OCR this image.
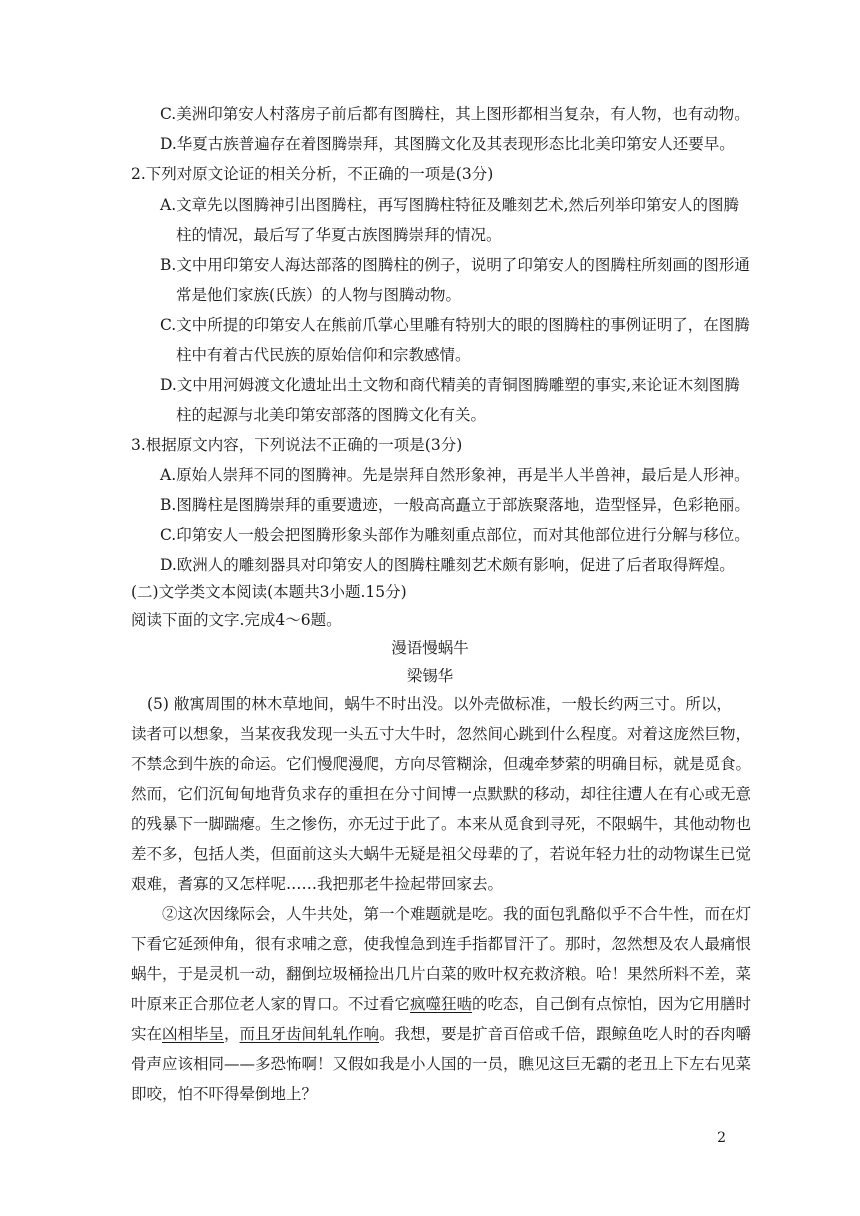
C.美洲印第安人村落房子前后都有图腾柱，其上图形都相当复杂，有人物，也有动物。
D.华夏古族普遍存在着图腾崇拜，其图腾文化及其表现形态比北美印第安人还要早。
2.下列对原文论证的相关分析，不正确的一项是(3分)
A.文章先以图腾神引出图腾柱，再写图腾柱特征及雕刻艺术,然后列举印第安人的图腾
柱的情况，最后写了华夏古族图腾崇拜的情况。
B.文中用印第安人海达部落的图腾柱的例子，说明了印第安人的图腾柱所刻画的图形通
常是他们家族(氏族）的人物与图腾动物。
C.文中所提的印第安人在熊前爪掌心里雕有特别大的眼的图腾柱的事例证明了，在图腾
柱中有着古代民族的原始信仰和宗教感情。
D.文中用河姆渡文化遗址出土文物和商代精美的青铜图腾雕塑的事实,来论证木刻图腾
柱的起源与北美印第安部落的图腾文化有关。
3.根据原文内容，下列说法不正确的一项是(3分)
A.原始人崇拜不同的图腾神。先是崇拜自然形象神，再是半人半兽神，最后是人形神。
B.图腾柱是图腾崇拜的重要遗迹，一般高高矗立于部族聚落地，造型怪异，色彩艳丽。
C.印第安人一般会把图腾形象头部作为雕刻重点部位，而对其他部位进行分解与移位。
D.欧洲人的雕刻器具对印第安人的图腾柱雕刻艺术颇有影响，促进了后者取得辉煌。
(二)文学类文本阅读(本题共3小题.15分)
阅读下面的文字.完成4～6题。
漫语慢蜗牛
梁锡华
(5) 敝寓周围的林木草地间，蜗牛不时出没。以外壳做标准，一般长约两三寸。所以，
读者可以想象，当某夜我发现一头五寸大牛时，忽然间心跳到什么程度。对着这庞然巨物，
不禁念到牛族的命运。它们慢爬漫爬，方向尽管糊涂，但魂牵梦萦的明确目标，就是觅食。
然而，它们沉甸甸地背负求存的重担在分寸间博一点默默的移动，却往往遭人在有心或无意
的残暴下一脚踹瘪。生之惨伤，亦无过于此了。本来从觅食到寻死，不限蜗牛，其他动物也
差不多，包括人类，但面前这头大蜗牛无疑是祖父母辈的了，若说年轻力壮的动物谋生已觉
艰难，耆寡的又怎样呢……我把那老牛捡起带回家去。
②这次因缘际会，人牛共处，第一个难题就是吃。我的面包乳酪似乎不合牛性，而在灯
下看它延颈伸角，很有求哺之意，使我惶急到连手指都冒汗了。那时，忽然想及农人最痛恨
蜗牛，于是灵机一动，翻倒垃圾桶捡出几片白菜的败叶权充救济粮。哈！果然所料不差，菜
叶原来正合那位老人家的胃口。不过看它疯噬狂啮的吃态，自己倒有点惊怕，因为它用膳时
实在凶相毕呈，而且牙齿间轧轧作响。我想，要是扩音百倍或千倍，跟鲸鱼吃人时的吞肉嚼
骨声应该相同——多恐怖啊！又假如我是小人国的一员，瞧见这巨无霸的老丑上下左右见菜
即咬，怕不吓得晕倒地上？
2
